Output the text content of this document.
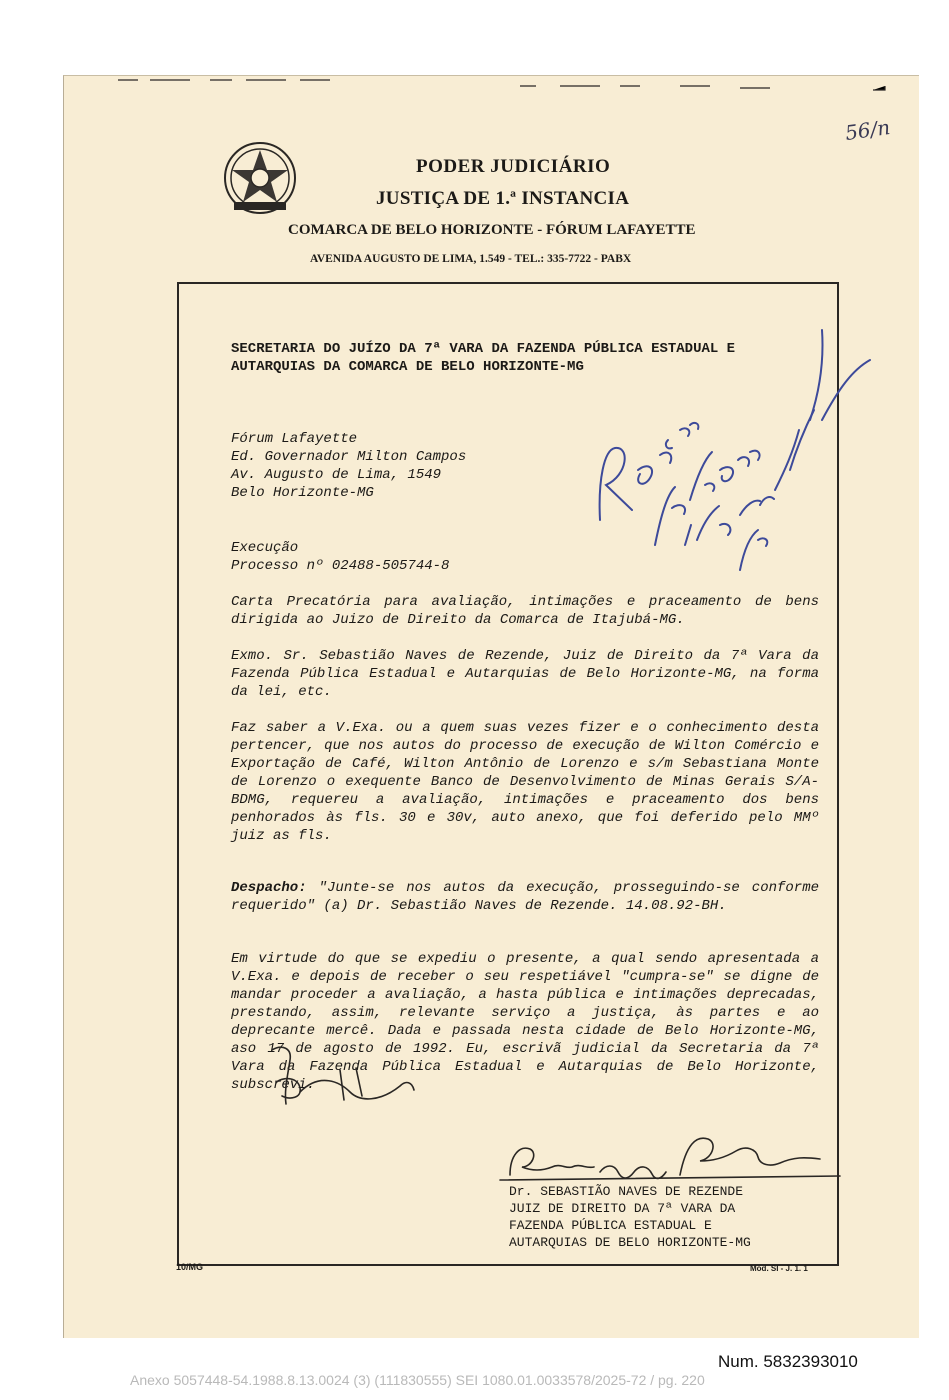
56/n
PODER JUDICIÁRIO
JUSTIÇA DE 1.ª INSTANCIA
COMARCA DE BELO HORIZONTE - FÓRUM LAFAYETTE
AVENIDA AUGUSTO DE LIMA, 1.549 - TEL.: 335-7722 - PABX
SECRETARIA DO JUÍZO DA 7ª VARA DA FAZENDA PÚBLICA ESTADUAL E AUTARQUIAS DA COMARCA DE BELO HORIZONTE-MG
Fórum Lafayette
Ed. Governador Milton Campos
Av. Augusto de Lima, 1549
Belo Horizonte-MG
Execução
Processo nº 02488-505744-8

Carta Precatória para avaliação, intimações e praceamento de bens dirigida ao Juizo de Direito da Comarca de Itajubá-MG.

Exmo. Sr. Sebastião Naves de Rezende, Juiz de Direito da 7ª Vara da Fazenda Pública Estadual e Autarquias de Belo Horizonte-MG, na forma da lei, etc.

Faz saber a V.Exa. ou a quem suas vezes fizer e o conhecimento desta pertencer, que nos autos do processo de execução de Wilton Comércio e Exportação de Café, Wilton Antônio de Lorenzo e s/m Sebastiana Monte de Lorenzo o exequente Banco de Desenvolvimento de Minas Gerais S/A-BDMG, requereu a avaliação, intimações e praceamento dos bens penhorados às fls. 30 e 30v, auto anexo, que foi deferido pelo MMº juiz as fls.

Despacho: "Junte-se nos autos da execução, prosseguindo-se conforme requerido" (a) Dr. Sebastião Naves de Rezende. 14.08.92-BH.

Em virtude do que se expediu o presente, a qual sendo apresentada a V.Exa. e depois de receber o seu respetiável "cumpra-se" se digne de mandar proceder a avaliação, a hasta pública e intimações deprecadas, prestando, assim, relevante serviço a justiça, às partes e ao deprecante mercê. Dada e passada nesta cidade de Belo Horizonte-MG, aso 17 de agosto de 1992. Eu, escrivã judicial da Secretaria da 7ª Vara da Fazenda Pública Estadual e Autarquias de Belo Horizonte, subscrevi.

Dr. SEBASTIÃO NAVES DE REZENDE
JUIZ DE DIREITO DA 7ª VARA DA
FAZENDA PÚBLICA ESTADUAL E
AUTARQUIAS DE BELO HORIZONTE-MG
10/MG	Mod. SI - J. 1. 1
Num. 5832393010
Anexo 5057448-54.1988.8.13.0024 (3) (111830555) SEI 1080.01.0033578/2025-72 / pg. 220
